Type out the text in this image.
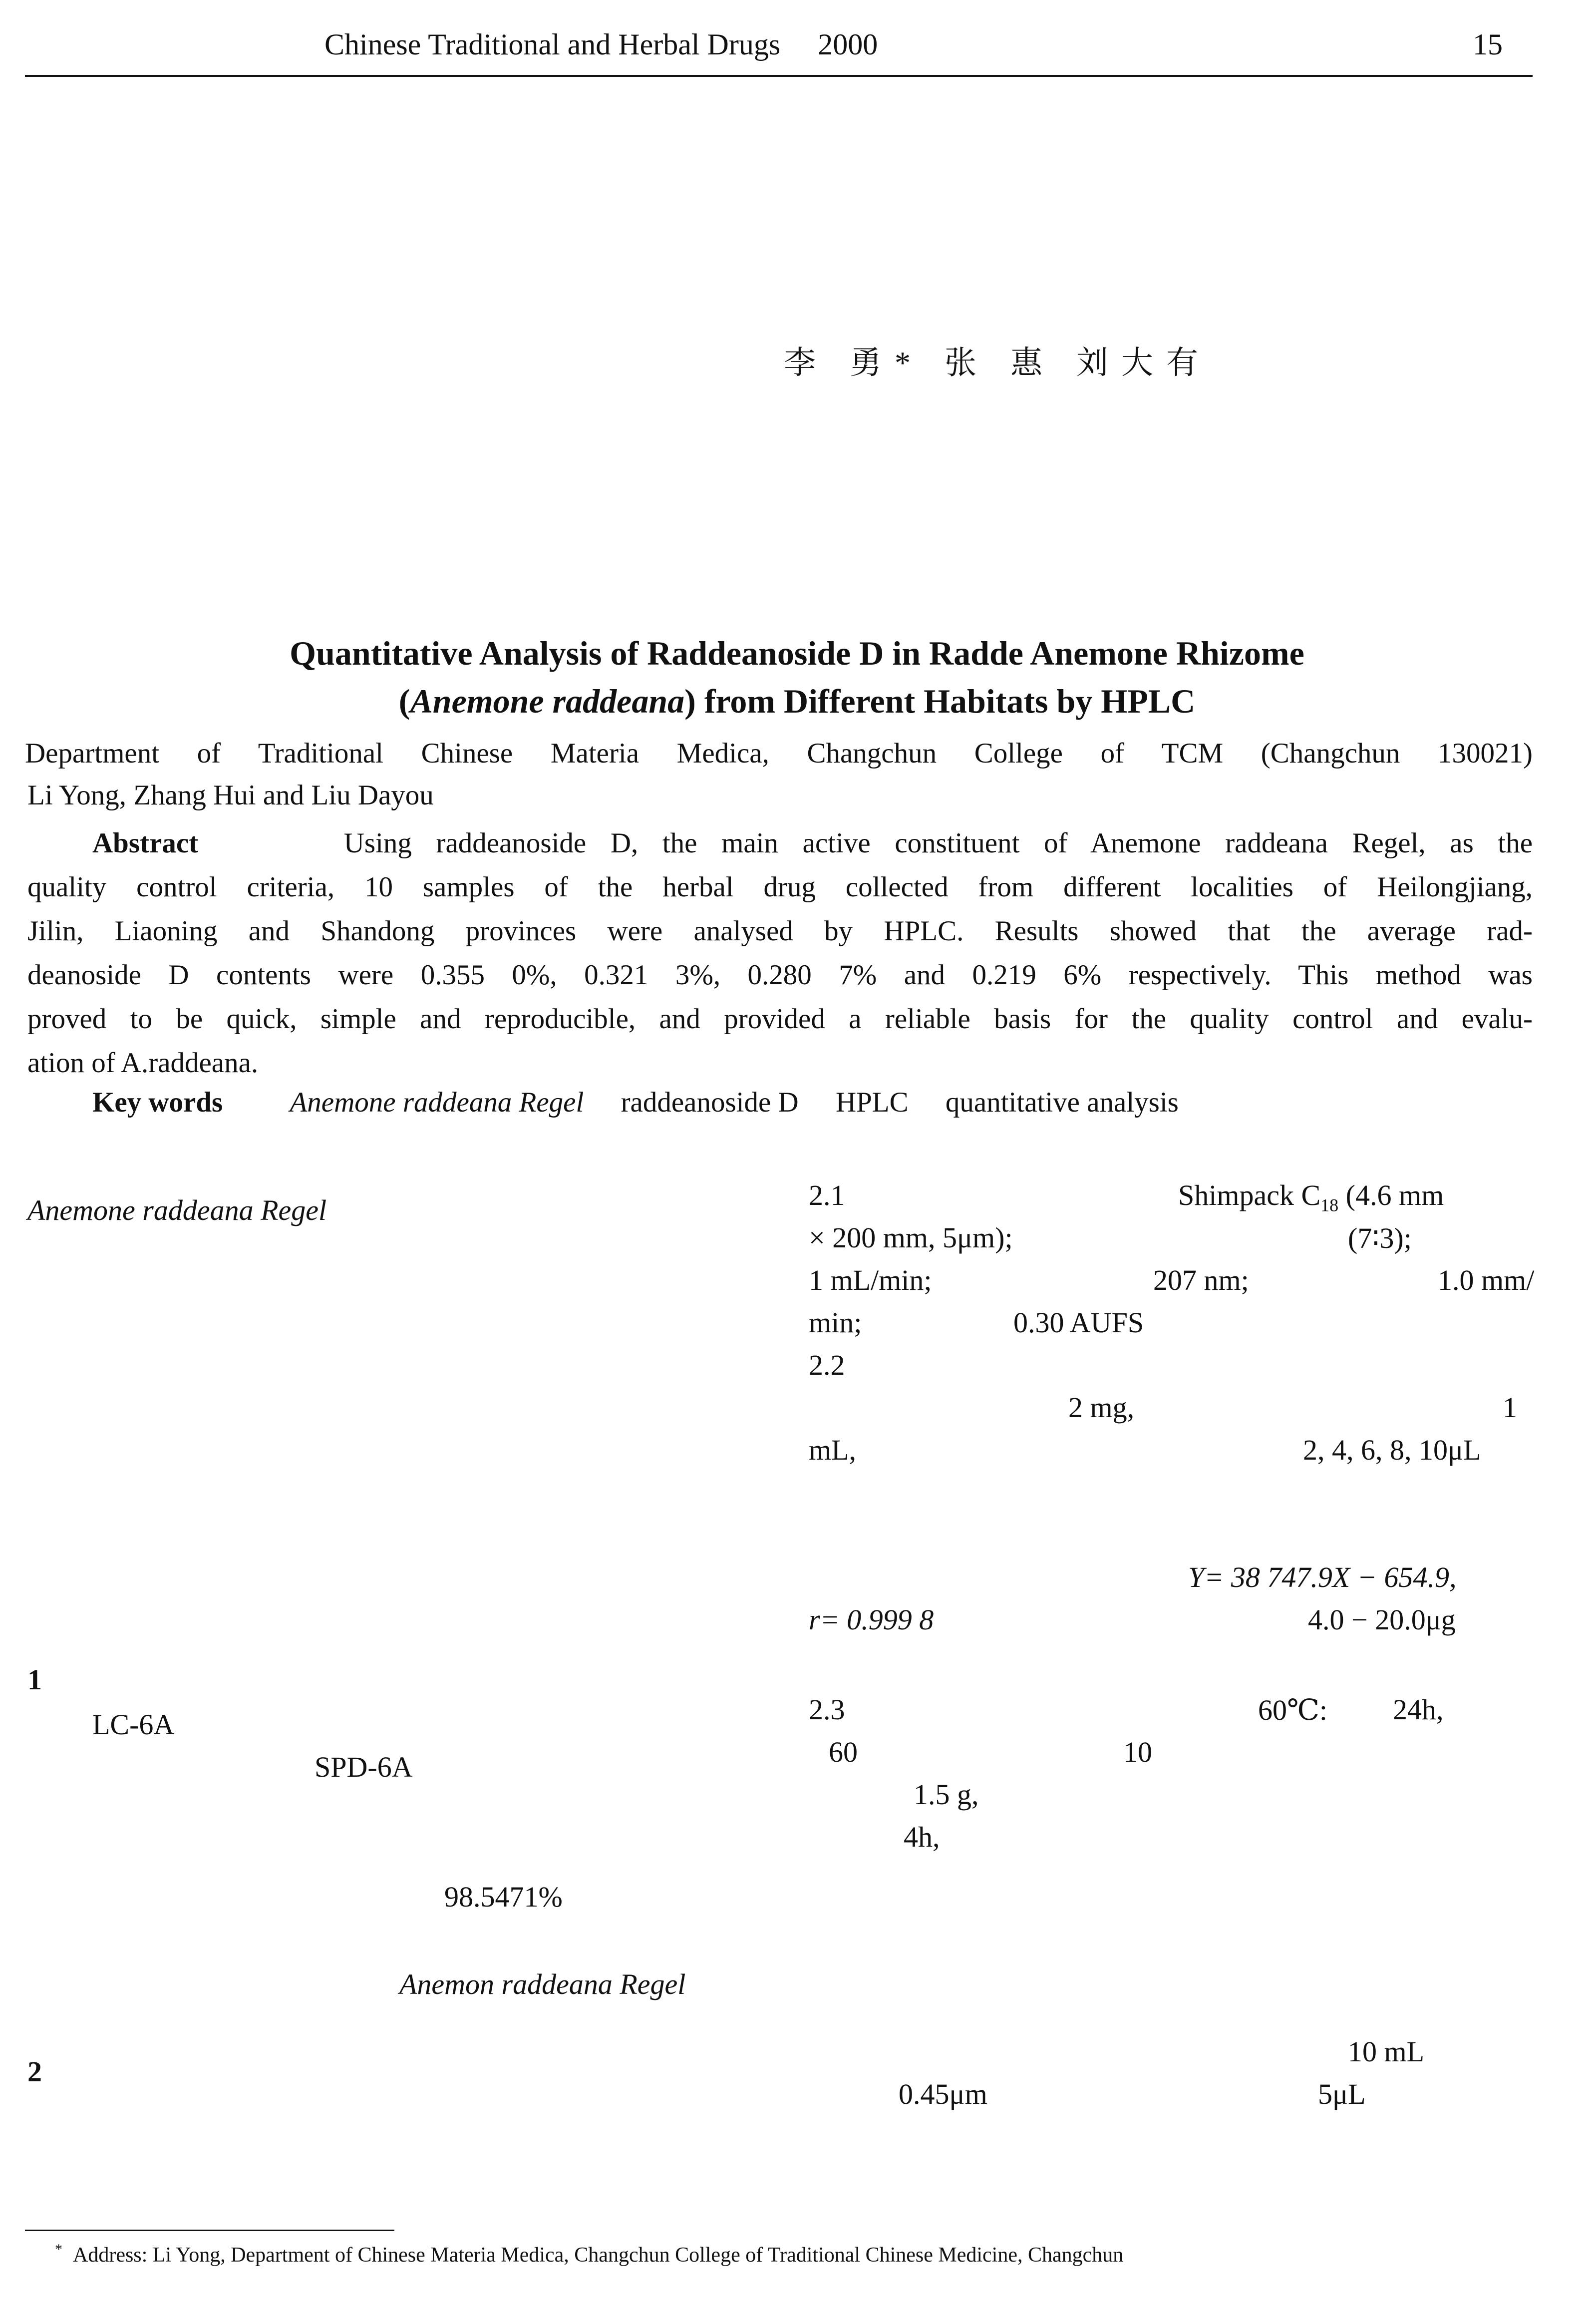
Chinese Traditional and Herbal Drugs 2000	15
李 勇* 张 惠 刘大有
Quantitative Analysis of Raddeanoside D in Radde Anemone Rhizome
(Anemone raddeana) from Different Habitats by HPLC
Department of Traditional Chinese Materia Medica, Changchun College of TCM (Changchun 130021)
Li Yong, Zhang Hui and Liu Dayou
Abstract	Using raddeanoside D, the main active constituent of Anemone raddeana Regel, as the
quality control criteria, 10 samples of the herbal drug collected from different localities of Heilongjiang,
Jilin, Liaoning and Shandong provinces were analysed by HPLC. Results showed that the average rad-
deanoside D contents were 0.355 0%, 0.321 3%, 0.280 7% and 0.219 6% respectively. This method was
proved to be quick, simple and reproducible, and provided a reliable basis for the quality control and evalu-
ation of A.raddeana.
Key words Anemone raddeana Regel raddeanoside D HPLC quantitative analysis
Anemone raddeana Regel
1
LC-6A
SPD-6A
98.5471%
Anemon raddeana Regel
2
2.1	Shimpack $C_{18}$ (4.6 mm
× 200 mm, 5μm);	(7∶3);
1 mL/min;	207 nm;	1.0 mm/
min;	0.30 AUFS
2.2
2 mg,	1
mL,	2, 4, 6, 8, 10μL
Y= 38 747.9X − 654.9,
r= 0.999 8	4.0 − 20.0μg
2.3	60℃: 24h,
60	10
1.5 g,
4h,
10 mL
0.45μm	5μL
* Address: Li Yong, Department of Chinese Materia Medica, Changchun College of Traditional Chinese Medicine, Changchun
